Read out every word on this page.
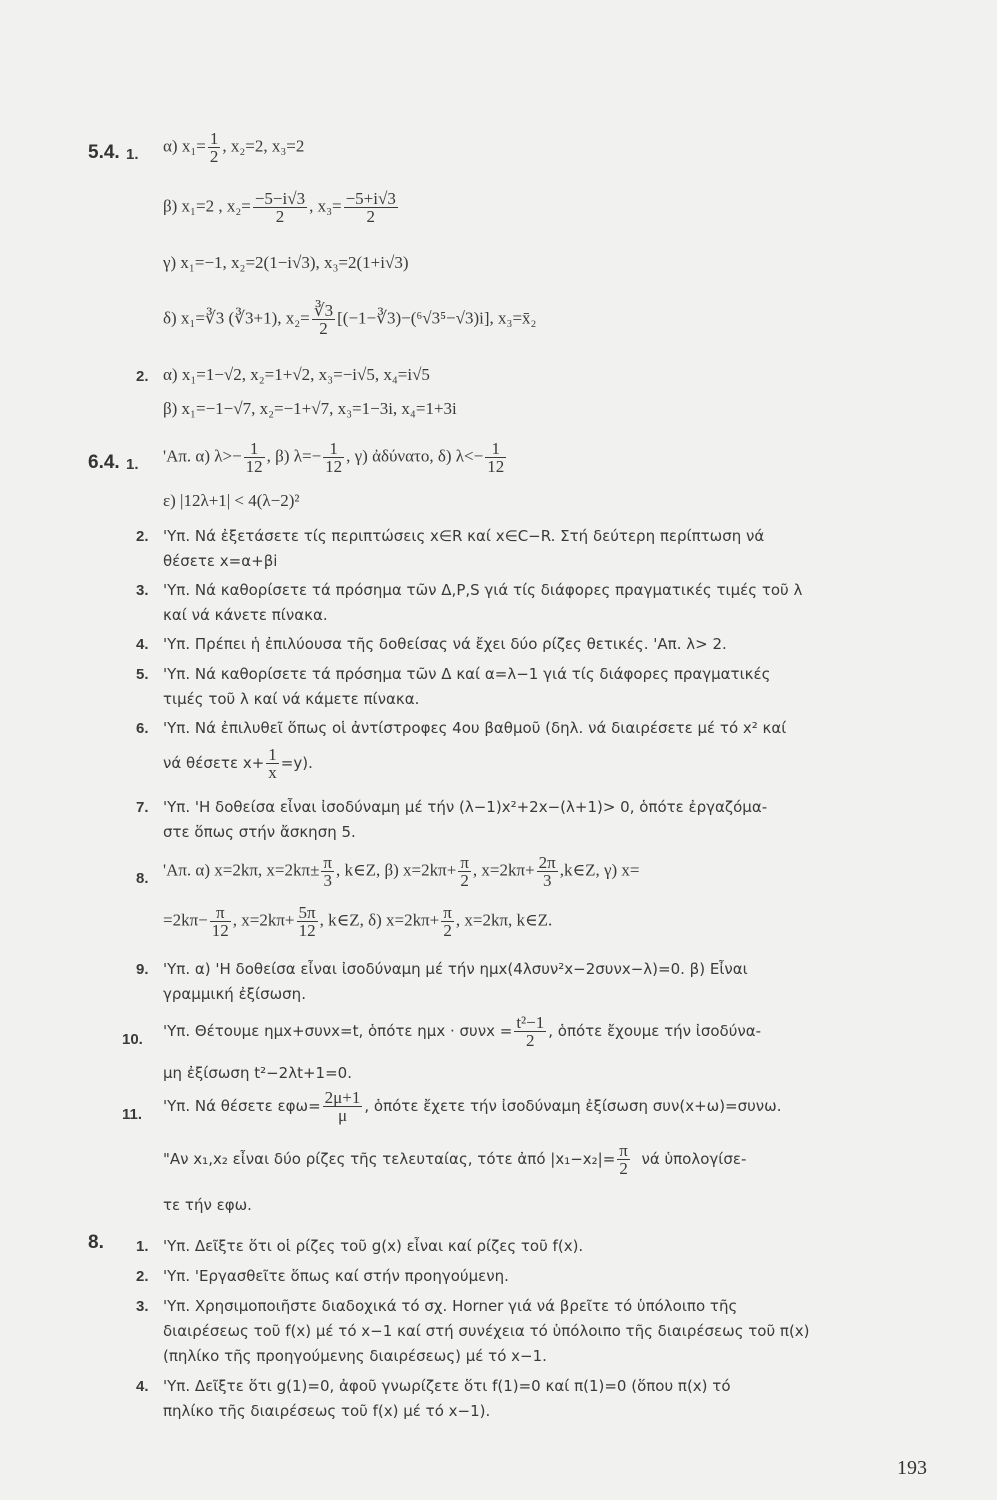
5.4. 1. α) $x_1= \frac{1}{2}$ , x₂=2, x₃=2
β) x₁=2 , $x_2= \frac{-5-i√3}{2}$ , $x_3= \frac{-5+i√3}{2}$
γ) x₁=−1, x₂=2(1−i√3), x₃=2(1+i√3)
δ) x₁=∛3 (∛3+1), $x_2= \frac{∛3}{2}$ [(−1−∛3)−(⁶√3⁵−√3)i], x₃=x̄₂
2. α) x₁=1−√2, x₂=1+√2, x₃=−i√5, x₄=i√5
β) x₁=−1−√7, x₂=−1+√7, x₃=1−3i, x₄=1+3i
6.4. 1. 'Απ. α) $\lambda>- \frac{1}{12}$ , β) $\lambda=- \frac{1}{12}$ , γ) ἀδύνατο, δ) $\lambda<- \frac{1}{12}$
ε) |12λ+1| < 4(λ−2)²
2. 'Υπ. Νά ἐξετάσετε τίς περιπτώσεις x∈R καί x∈C−R. Στή δεύτερη περίπτωση νά
θέσετε x=α+βi
3. 'Υπ. Νά καθορίσετε τά πρόσημα τῶν Δ,P,S γιά τίς διάφορες πραγματικές τιμές τοῦ λ
καί νά κάνετε πίνακα.
4. 'Υπ. Πρέπει ἡ ἐπιλύουσα τῆς δοθείσας νά ἔχει δύο ρίζες θετικές. 'Απ. λ> 2.
5. 'Υπ. Νά καθορίσετε τά πρόσημα τῶν Δ καί α=λ−1 γιά τίς διάφορες πραγματικές
τιμές τοῦ λ καί νά κάμετε πίνακα.
6. 'Υπ. Νά ἐπιλυθεῖ ὅπως οἱ ἀντίστροφες 4ου βαθμοῦ (δηλ. νά διαιρέσετε μέ τό x² καί
νά θέσετε $x+ \frac{1}{x} =y$).
7. 'Υπ. 'Η δοθείσα εἶναι ἰσοδύναμη μέ τήν (λ−1)x²+2x−(λ+1)> 0, ὁπότε ἐργαζόμα-
στε ὅπως στήν ἄσκηση 5.
8. 'Απ. α) x=2kπ, $x=2k\pi\pm \frac{\pi}{3}$ , k∈Z, β) $x=2k\pi+ \frac{\pi}{2}$ , $x=2k\pi+ \frac{2\pi}{3}$ ,k∈Z, γ) x=
$=2k\pi- \frac{\pi}{12}$ , $x=2k\pi+ \frac{5\pi}{12}$ , k∈Z, δ) $x=2k\pi+ \frac{\pi}{2}$ , x=2kπ, k∈Z.
9. 'Υπ. α) 'Η δοθείσα εἶναι ἰσοδύναμη μέ τήν ημx(4λσυν²x−2συνx−λ)=0. β) Εἶναι
γραμμική ἐξίσωση.
10. 'Υπ. Θέτουμε ημx+συνx=t, ὁπότε $\eta\mu x \cdot \sigma\upsilon\nu x = \frac{\text{t²−1}}{2}$ , ὁπότε ἔχουμε τήν ἰσοδύνα-
μη ἐξίσωση t²−2λt+1=0.
11. 'Υπ. Νά θέσετε $\varepsilon\varphi\omega= \frac{2\mu+1}{\mu}$ , ὁπότε ἔχετε τήν ἰσοδύναμη ἐξίσωση συν(x+ω)=συνω.
"Αν x₁,x₂ εἶναι δύο ρίζες τῆς τελευταίας, τότε ἀπό $|x_1-x_2|= \frac{\pi}{2}$ νά ὑπολογίσε-
τε τήν εφω.
8. 1. 'Υπ. Δεῖξτε ὅτι οἱ ρίζες τοῦ g(x) εἶναι καί ρίζες τοῦ f(x).
2. 'Υπ. 'Εργασθεῖτε ὅπως καί στήν προηγούμενη.
3. 'Υπ. Χρησιμοποιῆστε διαδοχικά τό σχ. Horner γιά νά βρεῖτε τό ὑπόλοιπο τῆς
διαιρέσεως τοῦ f(x) μέ τό x−1 καί στή συνέχεια τό ὑπόλοιπο τῆς διαιρέσεως τοῦ π(x)
(πηλίκο τῆς προηγούμενης διαιρέσεως) μέ τό x−1.
4. 'Υπ. Δεῖξτε ὅτι g(1)=0, ἀφοῦ γνωρίζετε ὅτι f(1)=0 καί π(1)=0 (ὅπου π(x) τό
πηλίκο τῆς διαιρέσεως τοῦ f(x) μέ τό x−1).
193
